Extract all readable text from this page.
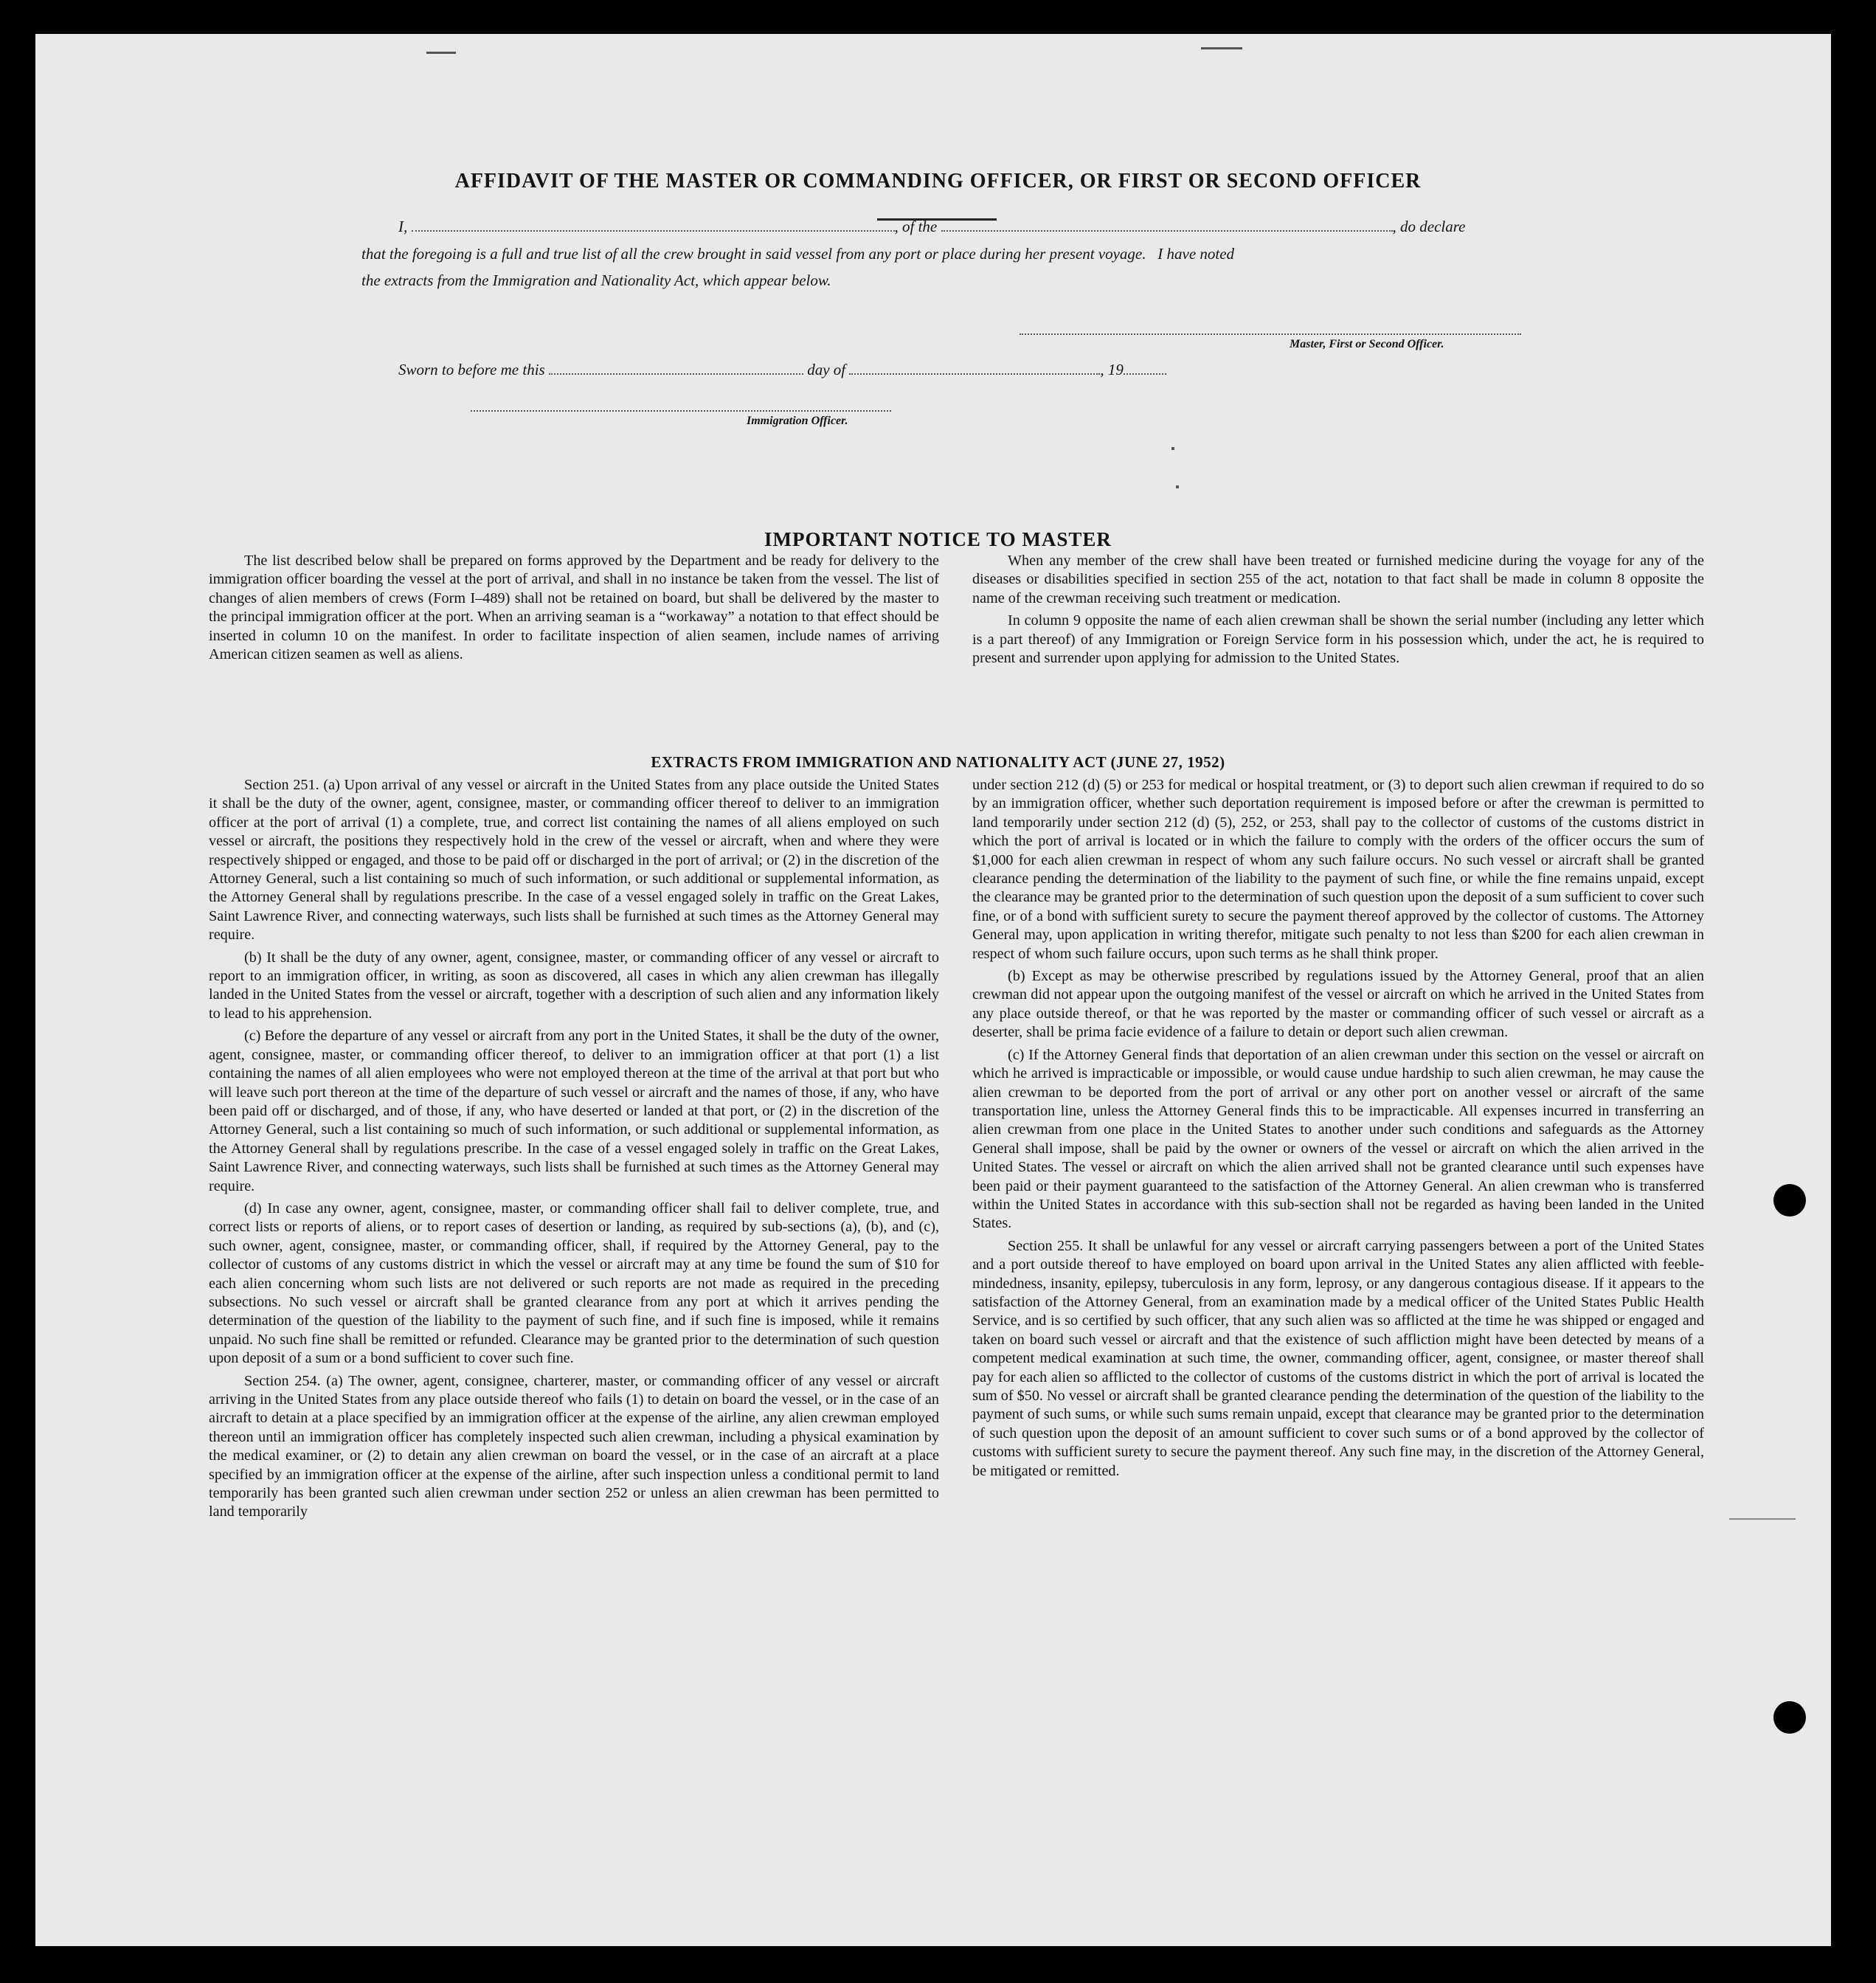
AFFIDAVIT OF THE MASTER OR COMMANDING OFFICER, OR FIRST OR SECOND OFFICER
I,	, of the	, do declare
that the foregoing is a full and true list of all the crew brought in said vessel from any port or place during her present voyage.   I have noted
the extracts from the Immigration and Nationality Act, which appear below.
Master, First or Second Officer.
Sworn to before me this	day of	, 19
Immigration Officer.
IMPORTANT NOTICE TO MASTER

The list described below shall be prepared on forms approved by the Department and be ready for delivery to the immigration officer boarding the vessel at the port of arrival, and shall in no instance be taken from the vessel. The list of changes of alien members of crews (Form I–489) shall not be retained on board, but shall be delivered by the master to the principal immigration officer at the port. When an arriving seaman is a “workaway” a notation to that effect should be inserted in column 10 on the manifest. In order to facilitate inspection of alien seamen, include names of arriving American citizen seamen as well as aliens.

When any member of the crew shall have been treated or furnished medicine during the voyage for any of the diseases or disabilities specified in section 255 of the act, notation to that fact shall be made in column 8 opposite the name of the crewman receiving such treatment or medication.

In column 9 opposite the name of each alien crewman shall be shown the serial number (including any letter which is a part thereof) of any Immigration or Foreign Service form in his possession which, under the act, he is required to present and surrender upon applying for admission to the United States.

EXTRACTS FROM IMMIGRATION AND NATIONALITY ACT (JUNE 27, 1952)

Section 251. (a) Upon arrival of any vessel or aircraft in the United States from any place outside the United States it shall be the duty of the owner, agent, consignee, master, or commanding officer thereof to deliver to an immigration officer at the port of arrival (1) a complete, true, and correct list containing the names of all aliens employed on such vessel or aircraft, the positions they respectively hold in the crew of the vessel or aircraft, when and where they were respectively shipped or engaged, and those to be paid off or discharged in the port of arrival; or (2) in the discretion of the Attorney General, such a list containing so much of such information, or such additional or supplemental information, as the Attorney General shall by regulations prescribe. In the case of a vessel engaged solely in traffic on the Great Lakes, Saint Lawrence River, and connecting waterways, such lists shall be furnished at such times as the Attorney General may require.

(b) It shall be the duty of any owner, agent, consignee, master, or commanding officer of any vessel or aircraft to report to an immigration officer, in writing, as soon as discovered, all cases in which any alien crewman has illegally landed in the United States from the vessel or aircraft, together with a description of such alien and any information likely to lead to his apprehension.

(c) Before the departure of any vessel or aircraft from any port in the United States, it shall be the duty of the owner, agent, consignee, master, or commanding officer thereof, to deliver to an immigration officer at that port (1) a list containing the names of all alien employees who were not employed thereon at the time of the arrival at that port but who will leave such port thereon at the time of the departure of such vessel or aircraft and the names of those, if any, who have been paid off or discharged, and of those, if any, who have deserted or landed at that port, or (2) in the discretion of the Attorney General, such a list containing so much of such information, or such additional or supplemental information, as the Attorney General shall by regulations prescribe. In the case of a vessel engaged solely in traffic on the Great Lakes, Saint Lawrence River, and connecting waterways, such lists shall be furnished at such times as the Attorney General may require.

(d) In case any owner, agent, consignee, master, or commanding officer shall fail to deliver complete, true, and correct lists or reports of aliens, or to report cases of desertion or landing, as required by sub-sections (a), (b), and (c), such owner, agent, consignee, master, or commanding officer, shall, if required by the Attorney General, pay to the collector of customs of any customs district in which the vessel or aircraft may at any time be found the sum of $10 for each alien concerning whom such lists are not delivered or such reports are not made as required in the preceding subsections. No such vessel or aircraft shall be granted clearance from any port at which it arrives pending the determination of the question of the liability to the payment of such fine, and if such fine is imposed, while it remains unpaid. No such fine shall be remitted or refunded. Clearance may be granted prior to the determination of such question upon deposit of a sum or a bond sufficient to cover such fine.

Section 254. (a) The owner, agent, consignee, charterer, master, or commanding officer of any vessel or aircraft arriving in the United States from any place outside thereof who fails (1) to detain on board the vessel, or in the case of an aircraft to detain at a place specified by an immigration officer at the expense of the airline, any alien crewman employed thereon until an immigration officer has completely inspected such alien crewman, including a physical examination by the medical examiner, or (2) to detain any alien crewman on board the vessel, or in the case of an aircraft at a place specified by an immigration officer at the expense of the airline, after such inspection unless a conditional permit to land temporarily has been granted such alien crewman under section 252 or unless an alien crewman has been permitted to land temporarily

under section 212 (d) (5) or 253 for medical or hospital treatment, or (3) to deport such alien crewman if required to do so by an immigration officer, whether such deportation requirement is imposed before or after the crewman is permitted to land temporarily under section 212 (d) (5), 252, or 253, shall pay to the collector of customs of the customs district in which the port of arrival is located or in which the failure to comply with the orders of the officer occurs the sum of $1,000 for each alien crewman in respect of whom any such failure occurs. No such vessel or aircraft shall be granted clearance pending the determination of the liability to the payment of such fine, or while the fine remains unpaid, except the clearance may be granted prior to the determination of such question upon the deposit of a sum sufficient to cover such fine, or of a bond with sufficient surety to secure the payment thereof approved by the collector of customs. The Attorney General may, upon application in writing therefor, mitigate such penalty to not less than $200 for each alien crewman in respect of whom such failure occurs, upon such terms as he shall think proper.

(b) Except as may be otherwise prescribed by regulations issued by the Attorney General, proof that an alien crewman did not appear upon the outgoing manifest of the vessel or aircraft on which he arrived in the United States from any place outside thereof, or that he was reported by the master or commanding officer of such vessel or aircraft as a deserter, shall be prima facie evidence of a failure to detain or deport such alien crewman.

(c) If the Attorney General finds that deportation of an alien crewman under this section on the vessel or aircraft on which he arrived is impracticable or impossible, or would cause undue hardship to such alien crewman, he may cause the alien crewman to be deported from the port of arrival or any other port on another vessel or aircraft of the same transportation line, unless the Attorney General finds this to be impracticable. All expenses incurred in transferring an alien crewman from one place in the United States to another under such conditions and safeguards as the Attorney General shall impose, shall be paid by the owner or owners of the vessel or aircraft on which the alien arrived in the United States. The vessel or aircraft on which the alien arrived shall not be granted clearance until such expenses have been paid or their payment guaranteed to the satisfaction of the Attorney General. An alien crewman who is transferred within the United States in accordance with this sub-section shall not be regarded as having been landed in the United States.

Section 255. It shall be unlawful for any vessel or aircraft carrying passengers between a port of the United States and a port outside thereof to have employed on board upon arrival in the United States any alien afflicted with feeble-mindedness, insanity, epilepsy, tuberculosis in any form, leprosy, or any dangerous contagious disease. If it appears to the satisfaction of the Attorney General, from an examination made by a medical officer of the United States Public Health Service, and is so certified by such officer, that any such alien was so afflicted at the time he was shipped or engaged and taken on board such vessel or aircraft and that the existence of such affliction might have been detected by means of a competent medical examination at such time, the owner, commanding officer, agent, consignee, or master thereof shall pay for each alien so afflicted to the collector of customs of the customs district in which the port of arrival is located the sum of $50. No vessel or aircraft shall be granted clearance pending the determination of the question of the liability to the payment of such sums, or while such sums remain unpaid, except that clearance may be granted prior to the determination of such question upon the deposit of an amount sufficient to cover such sums or of a bond approved by the collector of customs with sufficient surety to secure the payment thereof. Any such fine may, in the discretion of the Attorney General, be mitigated or remitted.
